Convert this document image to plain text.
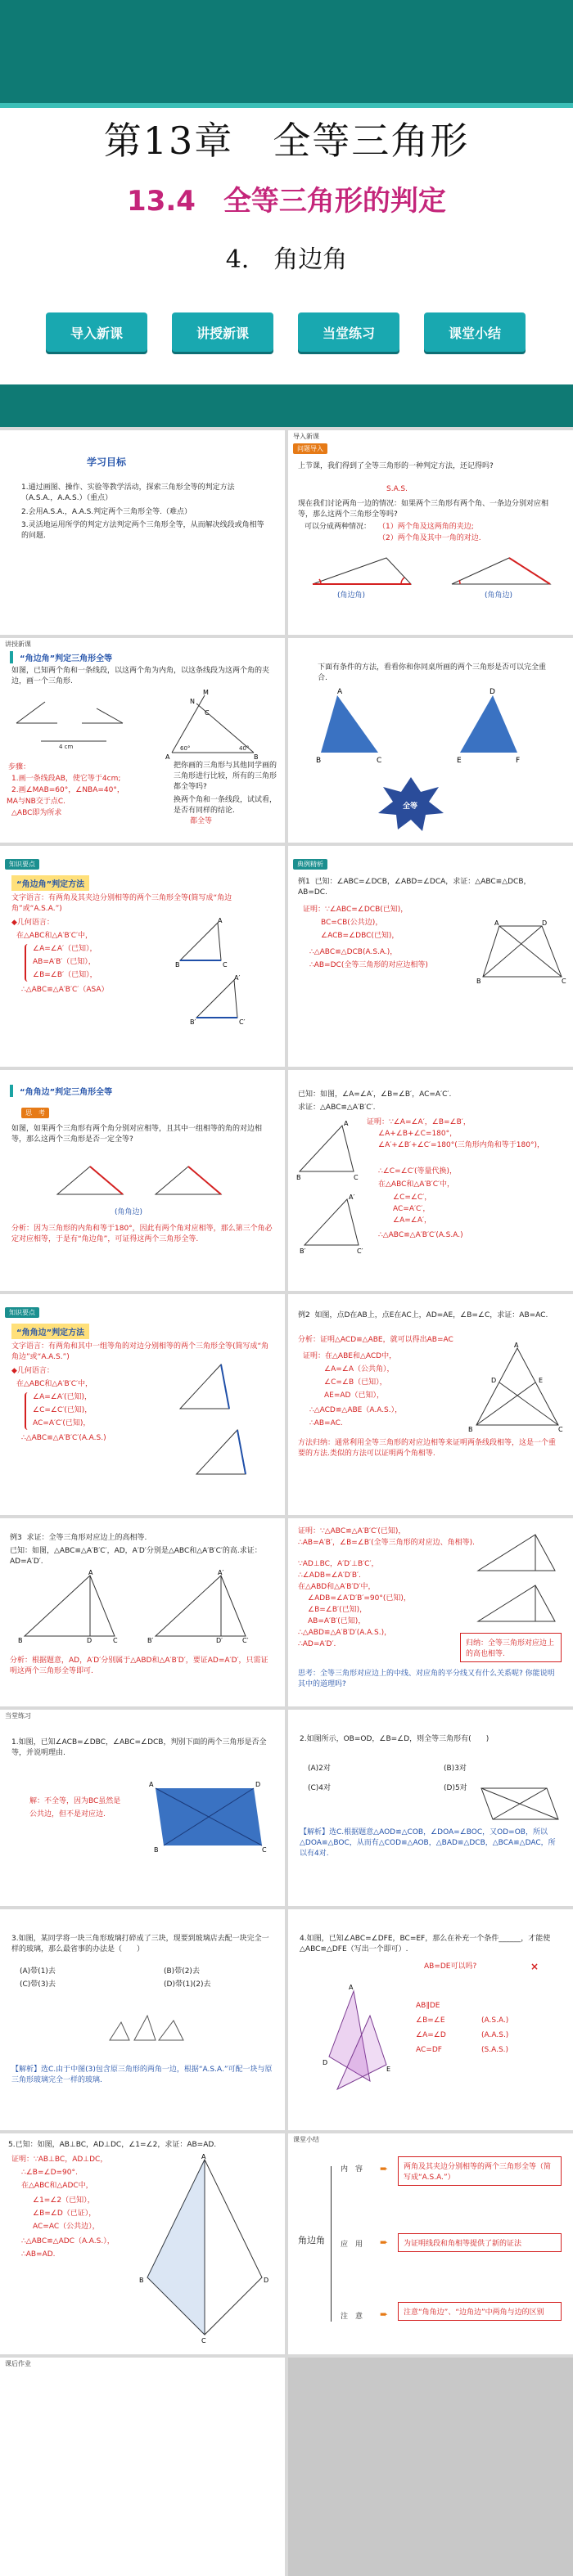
第13章　全等三角形
13.4　全等三角形的判定
4.　角边角
导入新课	讲授新课	当堂练习	课堂小结
学习目标
1.通过画图、操作、实验等教学活动，探索三角形全等的判定方法（A.S.A.，A.A.S.）（重点）
2.会用A.S.A.，A.A.S.判定两个三角形全等.（难点）
3.灵活地运用所学的判定方法判定两个三角形全等，从而解决线段或角相等的问题.
导入新课
问题导入
上节课，我们得到了全等三角形的一种判定方法，还记得吗?
S.A.S.
现在我们讨论两角一边的情况：如果两个三角形有两个角、一条边分别对应相等，那么这两个三角形全等吗?
可以分成两种情况： （1）两个角及这两角的夹边;
（2）两个角及其中一角的对边.
(角边角)	(角角边)
讲授新课
“角边角”判定三角形全等
如图，已知两个角和一条线段，以这两个角为内角，以这条线段为这两个角的夹边，画一个三角形.
4 cm
M
N
C
A	B
60°	40°
步骤：
1.画一条线段AB，使它等于4cm;
2.画∠MAB=60°，∠NBA=40°，
MA与NB交于点C.
△ABC即为所求
把你画的三角形与其他同学画的三角形进行比较，所有的三角形都全等吗?
换两个角和一条线段，试试看，是否有同样的结论.
都全等
下面有条件的方法，看看你和你同桌所画的两个三角形是否可以完全重合.
A
B	C
D
E	F
全等
知识要点
“角边角”判定方法
文字语言：有两角及其夹边分别相等的两个三角形全等(简写成“角边角”或“A.S.A.”)
◆几何语言：
在△ABC和△A′B′C′中，
∠A=∠A′（已知），
AB=A′B′（已知），
∠B=∠B′（已知），
∴△ABC≌△A′B′C′（ASA）
B	C
A
B′	C′
A′
典例精析
例1  已知：∠ABC=∠DCB，∠ABD=∠DCA，求证：△ABC≌△DCB，AB=DC.
证明：∵∠ABC=∠DCB(已知)，
BC=CB(公共边)，
∠ACB=∠DBC(已知)，
∴△ABC≌△DCB(A.S.A.)，
∴AB=DC(全等三角形的对应边相等)
A	D
B	C
“角角边”判定三角形全等
思　考
如图，如果两个三角形有两个角分别对应相等，且其中一组相等的角的对边相等，那么这两个三角形是否一定全等?
(角角边)
分析：因为三角形的内角和等于180°，因此有两个角对应相等，那么第三个角必定对应相等，于是有“角边角”，可证得这两个三角形全等.
已知：如图，∠A=∠A′，∠B=∠B′，AC=A′C′.
求证：△ABC≌△A′B′C′.
证明：∵∠A=∠A′，∠B=∠B′，
∠A+∠B+∠C=180°，
∠A′+∠B′+∠C′=180°(三角形内角和等于180°)，
∴∠C=∠C′(等量代换)，
在△ABC和△A′B′C′中，
∠C=∠C′，
AC=A′C′，
∠A=∠A′，
∴△ABC≌△A′B′C′(A.S.A.)
A
B	C
A′
B′	C′
知识要点
“角角边”判定方法
文字语言：有两角和其中一组等角的对边分别相等的两个三角形全等(简写成“角角边”或“A.A.S.”)
◆几何语言：
在△ABC和△A′B′C′中，
∠A=∠A′(已知)，
∠C=∠C′(已知)，
AC=A′C′(已知)，
∴△ABC≌△A′B′C′(A.A.S.)
例2  如图，点D在AB上，点E在AC上，AD=AE，∠B=∠C，求证：AB=AC.
分析：证明△ACD≌△ABE，就可以得出AB=AC
证明：在△ABE和△ACD中，
∠A=∠A（公共角），
∠C=∠B（已知），
AE=AD（已知），
∴△ACD≌△ABE（A.A.S.），
∴AB=AC.
方法归纳：通常利用全等三角形的对应边相等来证明两条线段相等，这是一个重要的方法.类似的方法可以证明两个角相等.
A
B	C
D	E
例3  求证：全等三角形对应边上的高相等.
已知：如图，△ABC≌△A′B′C′，AD，A′D′分别是△ABC和△A′B′C′的高.求证：AD=A′D′.
A
B	D	C
A′
B′	D′	C′
分析：根据题意，AD，A′D′分别属于△ABD和△A′B′D′，要证AD=A′D′，只需证明这两个三角形全等即可.
证明：∵△ABC≌△A′B′C′(已知)，
∴AB=A′B′，∠B=∠B′(全等三角形的对应边、角相等).
∵AD⊥BC，A′D′⊥B′C′，
∴∠ADB=∠A′D′B′.
在△ABD和△A′B′D′中，
∠ADB=∠A′D′B′=90°(已知)，
∠B=∠B′(已知)，
AB=A′B′(已知)，
∴△ABD≌△A′B′D′(A.A.S.)，
∴AD=A′D′.	归纳：全等三角形对应边上的高也相等.
思考：全等三角形对应边上的中线、对应角的平分线又有什么关系呢? 你能说明其中的道理吗?
当堂练习
1.如图，已知∠ACB=∠DBC，∠ABC=∠DCB，判别下面的两个三角形是否全等，并说明理由.
解：不全等，因为BC虽然是
公共边，但不是对应边.
A	D
B	C
2.如图所示，OB=OD，∠B=∠D，则全等三角形有(　　)
(A)2对	(B)3对
(C)4对	(D)5对
【解析】选C.根据题意△AOD≌△COB，∠DOA=∠BOC，又OD=OB，所以△DOA≌△BOC，从而有△COD≌△AOB，△BAD≌△DCB，△BCA≌△DAC，所以有4对.
3.如图，某同学将一块三角形玻璃打碎成了三块，现要到玻璃店去配一块完全一样的玻璃，那么最省事的办法是（　　）
(A)带(1)去	(B)带(2)去
(C)带(3)去	(D)带(1)(2)去
【解析】选C.由于中图(3)包含原三角形的两角一边，根据“A.S.A.”可配一块与原三角形玻璃完全一样的玻璃.
4.如图，已知∠ABC=∠DFE，BC=EF，那么在补充一个条件______，才能使△ABC≌△DFE（写出一个即可）.
AB=DE可以吗?	×
AB∥DE
∠B=∠E
∠A=∠D
AC=DF
(A.S.A.)
(A.A.S.)
(S.A.S.)
A
D
E
5.已知：如图，AB⊥BC，AD⊥DC，∠1=∠2，求证：AB=AD.
证明：∵AB⊥BC，AD⊥DC，
∴∠B=∠D=90°.
在△ABC和△ADC中，
∠1=∠2（已知），
∠B=∠D（已证），
AC=AC（公共边），
∴△ABC≌△ADC（A.A.S.），
∴AB=AD.
A
B	D
C
课堂小结
角边角
内　容
应　用
注　意
➨
➨
➨
两角及其夹边分别相等的两个三角形全等（简写成“A.S.A.”）
为证明线段和角相等提供了新的证法
注意“角角边”、“边角边”中两角与边的区别
课后作业
